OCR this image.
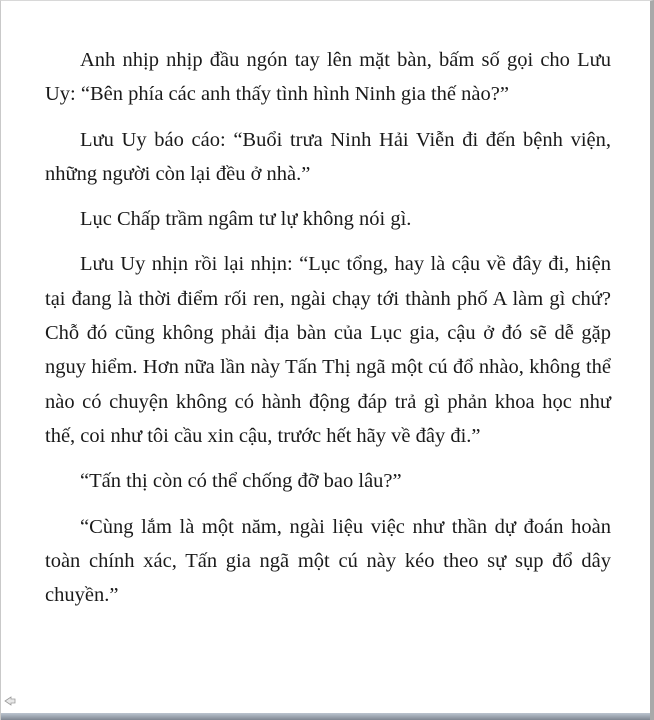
Anh nhịp nhịp đầu ngón tay lên mặt bàn, bấm số gọi cho Lưu Uy: “Bên phía các anh thấy tình hình Ninh gia thế nào?”

Lưu Uy báo cáo: “Buổi trưa Ninh Hải Viễn đi đến bệnh viện, những người còn lại đều ở nhà.”

Lục Chấp trầm ngâm tư lự không nói gì.

Lưu Uy nhịn rồi lại nhịn: “Lục tổng, hay là cậu về đây đi, hiện tại đang là thời điểm rối ren, ngài chạy tới thành phố A làm gì chứ? Chỗ đó cũng không phải địa bàn của Lục gia, cậu ở đó sẽ dễ gặp nguy hiểm. Hơn nữa lần này Tấn Thị ngã một cú đổ nhào, không thể nào có chuyện không có hành động đáp trả gì phản khoa học như thế, coi như tôi cầu xin cậu, trước hết hãy về đây đi.”

“Tấn thị còn có thể chống đỡ bao lâu?”

“Cùng lắm là một năm, ngài liệu việc như thần dự đoán hoàn toàn chính xác, Tấn gia ngã một cú này kéo theo sự sụp đổ dây chuyền.”
